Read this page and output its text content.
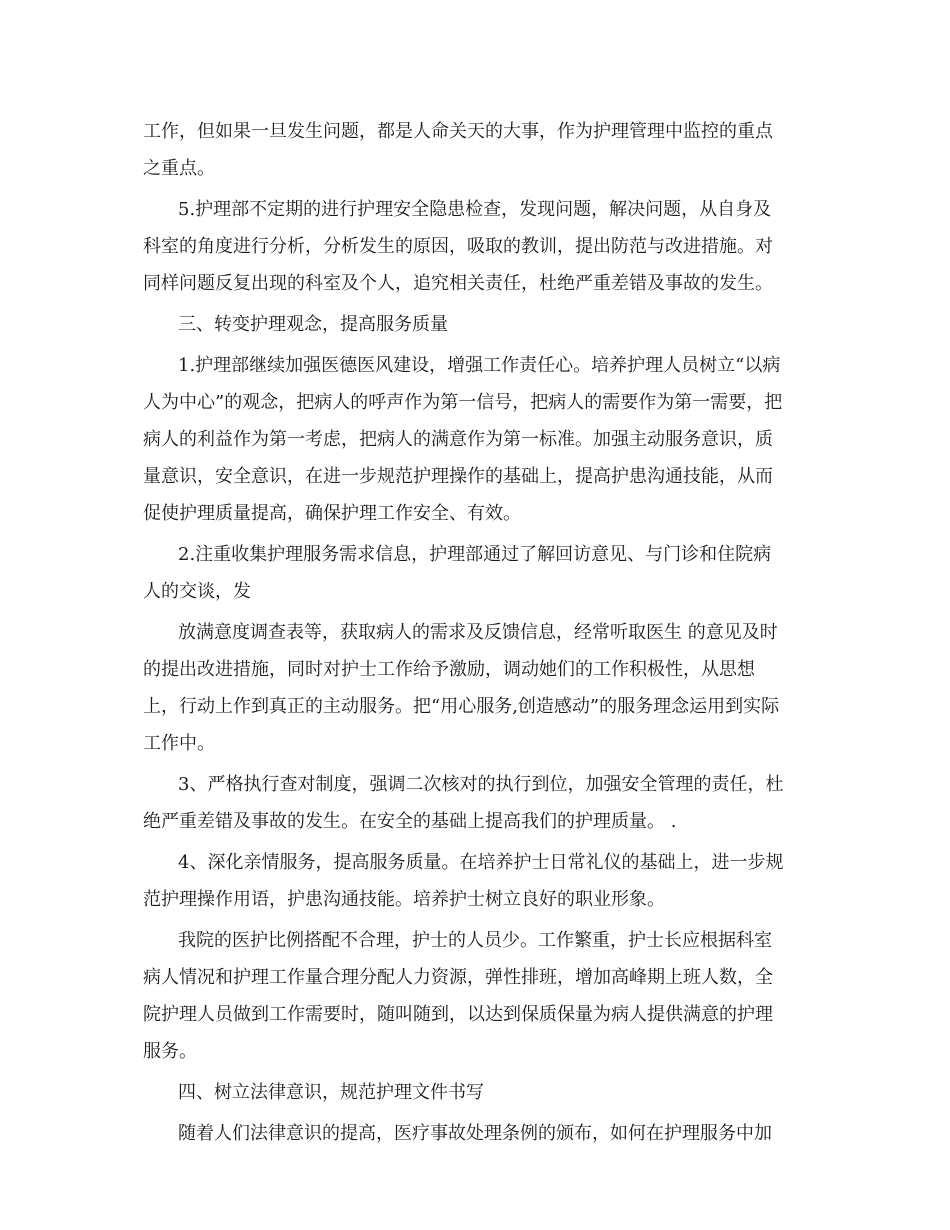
工作，但如果一旦发生问题，都是人命关天的大事，作为护理管理中监控的重点
之重点。
5.护理部不定期的进行护理安全隐患检查，发现问题，解决问题，从自身及
科室的角度进行分析，分析发生的原因，吸取的教训，提出防范与改进措施。对
同样问题反复出现的科室及个人，追究相关责任，杜绝严重差错及事故的发生。
三、转变护理观念，提高服务质量
1.护理部继续加强医德医风建设，增强工作责任心。培养护理人员树立“以病
人为中心”的观念，把病人的呼声作为第一信号，把病人的需要作为第一需要，把
病人的利益作为第一考虑，把病人的满意作为第一标准。加强主动服务意识，质
量意识，安全意识，在进一步规范护理操作的基础上，提高护患沟通技能，从而
促使护理质量提高，确保护理工作安全、有效。
2.注重收集护理服务需求信息，护理部通过了解回访意见、与门诊和住院病
人的交谈，发
放满意度调查表等，获取病人的需求及反馈信息，经常听取医生 的意见及时
的提出改进措施，同时对护士工作给予激励，调动她们的工作积极性，从思想
上，行动上作到真正的主动服务。把“用心服务,创造感动”的服务理念运用到实际
工作中。
3、严格执行查对制度，强调二次核对的执行到位，加强安全管理的责任，杜
绝严重差错及事故的发生。在安全的基础上提高我们的护理质量。 .
4、深化亲情服务，提高服务质量。在培养护士日常礼仪的基础上，进一步规
范护理操作用语，护患沟通技能。培养护士树立良好的职业形象。
我院的医护比例搭配不合理，护士的人员少。工作繁重，护士长应根据科室
病人情况和护理工作量合理分配人力资源，弹性排班，增加高峰期上班人数，全
院护理人员做到工作需要时，随叫随到，以达到保质保量为病人提供满意的护理
服务。
四、树立法律意识，规范护理文件书写
随着人们法律意识的提高，医疗事故处理条例的颁布，如何在护理服务中加
